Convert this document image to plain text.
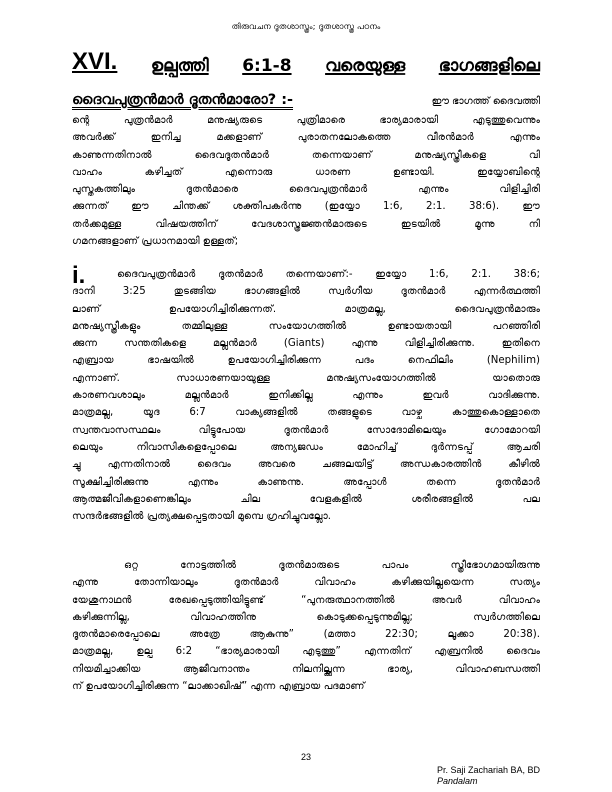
തിരുവചന ദൂതശാസ്ത്രം; ദൂതശാസ്ത്ര പഠനം
XVI. ഉല്പത്തി 6:1-8 വരെയുള്ള ഭാഗങ്ങളിലെ
ദൈവപുത്രൻമാർ ദൂതൻമാരോ? :-	ഈ ഭാഗത്ത് ദൈവത്തി
ന്റെ പുത്രൻമാർ മനുഷ്യരുടെ പുത്രിമാരെ ഭാര്യമാരായി എടുത്തുവെന്നും
അവർക്ക് ഇനിച്ച മക്കളാണ് പുരാതനലോകത്തെ വീരൻമാർ എന്നും
കാണുന്നതിനാൽ ദൈവദൂതൻമാർ തന്നെയാണ് മനുഷ്യസ്ത്രീകളെ വി
വാഹം കഴിച്ചത് എന്നൊരു ധാരണ ഉണ്ടായി. ഇയ്യോബിന്റെ
പുസ്തകത്തിലും ദൂതൻമാരെ ദൈവപുത്രൻമാർ എന്നും വിളിച്ചിരി
ക്കുന്നത് ഈ ചിന്തക്ക് ശക്തിപകർന്നു (ഇയ്യോ 1:6, 2:1. 38:6). ഈ
തർക്കമുള്ള വിഷയത്തിന് വേദശാസ്ത്രജ്ഞൻമാരുടെ ഇടയിൽ മൂന്നു നി
ഗമനങ്ങളാണ് പ്രധാനമായി ഉള്ളത്;
i.	ദൈവപുത്രൻമാർ ദൂതൻമാർ തന്നെയാണ്:- ഇയ്യോ 1:6, 2:1. 38:6;
ദാനി 3:25 തുടങ്ങിയ ഭാഗങ്ങളിൽ സ്വർഗീയ ദൂതൻമാർ എന്നർത്ഥത്തി
ലാണ് ഉപയോഗിച്ചിരിക്കുന്നത്. മാത്രമല്ല, ദൈവപുത്രൻമാരും
മനുഷ്യസ്ത്രീകളും തമ്മിലുള്ള സംയോഗത്തിൽ ഉണ്ടായതായി പറഞ്ഞിരി
ക്കുന്ന സന്തതികളെ മല്ലൻമാർ (Giants) എന്നു വിളിച്ചിരിക്കുന്നു. ഇതിനെ
എബ്രായ ഭാഷയിൽ ഉപയോഗിച്ചിരിക്കുന്ന പദം നെഫിലിം (Nephilim)
എന്നാണ്. സാധാരണയായുള്ള മനുഷ്യസംയോഗത്തിൽ യാതൊരു
കാരണവശാലും മല്ലൻമാർ ഇനിക്കില്ല എന്നും ഇവർ വാദിക്കുന്നു.
മാത്രമല്ല, യൂദ 6:7 വാക്യങ്ങളിൽ തങ്ങളുടെ വാഴ്ച കാത്തുകൊള്ളാതെ
സ്വന്തവാസസ്ഥലം വിട്ടുപോയ ദൂതൻമാർ സോദോമിലെയും ഗോമോറയി
ലെയും നിവാസികളെപ്പോലെ അന്യജഡം മോഹിച്ച് ദുർന്നടപ്പ് ആചരി
ച്ചു എന്നതിനാൽ ദൈവം അവരെ ചങ്ങലയിട്ട് അന്ധകാരത്തിൻ കീഴിൽ
സൂക്ഷിച്ചിരിക്കുന്നു എന്നും കാണുന്നു. അപ്പോൾ തന്നെ ദൂതൻമാർ
ആത്മജീവികളാണെങ്കിലും ചില വേളകളിൽ ശരീരങ്ങളിൽ പല
സന്ദർഭങ്ങളിൽ പ്രത്യക്ഷപ്പെട്ടതായി മുമ്പെ ഗ്രഹിച്ചുവല്ലോ.
ഒറ്റ നോട്ടത്തിൽ ദൂതൻമാരുടെ പാപം സ്ത്രീഭോഗമായിരുന്നു
എന്നു തോന്നിയാലും ദൂതൻമാർ വിവാഹം കഴിക്കുയില്ലയെന്ന സത്യം
യേശുനാഥൻ രേഖപ്പെടുത്തിയിട്ടുണ്ട് “പുനരുത്ഥാനത്തിൽ അവർ വിവാഹം
കഴിക്കുന്നില്ല, വിവാഹത്തിനു കൊടുക്കപ്പെടുന്നുമില്ല; സ്വർഗത്തിലെ
ദൂതൻമാരെപ്പോലെ അത്രേ ആകുന്നു” (മത്താ 22:30; ലൂക്കാ 20:38).
മാത്രമല്ല, ഉല്പ 6:2 “ഭാര്യമാരായി എടുത്തു” എന്നതിന് എബ്രനിൽ ദൈവം
നിയമിച്ചാക്കിയ ആജീവനാന്തം നിലനില്ക്കുന്ന ഭാര്യ, വിവാഹബന്ധത്തി
ന് ഉപയോഗിച്ചിരിക്കുന്ന “ലാക്കാഖിഷ്” എന്ന എബ്രായ പദമാണ്
23
Pr. Saji Zachariah BA, BD
Pandalam
